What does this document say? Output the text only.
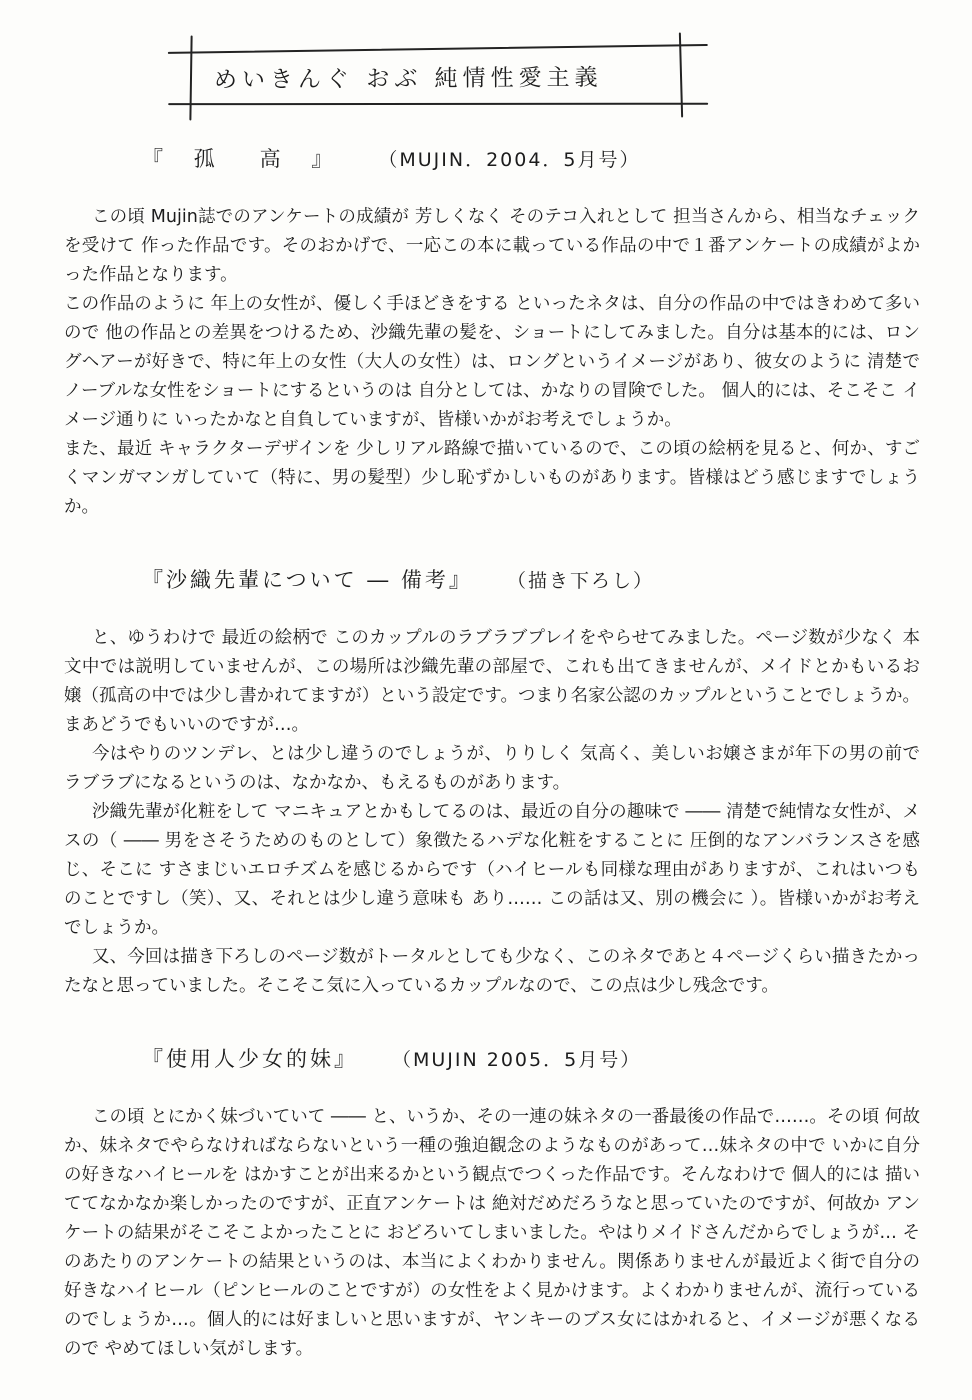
めいきんぐ おぶ 純情性愛主義
『 孤　高 』 （MUJIN．2004．5月号）

この頃 Mujin誌でのアンケートの成績が 芳しくなく そのテコ入れとして 担当さんから、相当なチェックを受けて 作った作品です。そのおかげで、一応この本に載っている作品の中で１番アンケートの成績がよかった作品となります。

この作品のように 年上の女性が、優しく手ほどきをする といったネタは、自分の作品の中ではきわめて多いので 他の作品との差異をつけるため、沙織先輩の髪を、ショートにしてみました。自分は基本的には、ロングヘアーが好きで、特に年上の女性（大人の女性）は、ロングというイメージがあり、彼女のように 清楚でノーブルな女性をショートにするというのは 自分としては、かなりの冒険でした。 個人的には、そこそこ イメージ通りに いったかなと自負していますが、皆様いかがお考えでしょうか。

また、最近 キャラクターデザインを 少しリアル路線で描いているので、この頃の絵柄を見ると、何か、すごくマンガマンガしていて（特に、男の髪型）少し恥ずかしいものがあります。皆様はどう感じますでしょうか。

『沙織先輩について ― 備考』 （描き下ろし）

と、ゆうわけで 最近の絵柄で このカップルのラブラブプレイをやらせてみました。ページ数が少なく 本文中では説明していませんが、この場所は沙織先輩の部屋で、これも出てきませんが、メイドとかもいるお嬢（孤高の中では少し書かれてますが）という設定です。つまり名家公認のカップルということでしょうか。まあどうでもいいのですが…。

今はやりのツンデレ、とは少し違うのでしょうが、りりしく 気高く、美しいお嬢さまが年下の男の前で ラブラブになるというのは、なかなか、もえるものがあります。

沙織先輩が化粧をして マニキュアとかもしてるのは、最近の自分の趣味で ―― 清楚で純情な女性が、メスの（ ―― 男をさそうためのものとして）象徴たるハデな化粧をすることに 圧倒的なアンバランスさを感じ、そこに すさまじいエロチズムを感じるからです（ハイヒールも同様な理由がありますが、これはいつものことですし（笑）、又、それとは少し違う意味も あり…… この話は又、別の機会に ）。皆様いかがお考えでしょうか。

又、今回は描き下ろしのページ数がトータルとしても少なく、このネタであと４ページくらい描きたかったなと思っていました。そこそこ気に入っているカップルなので、この点は少し残念です。

『使用人少女的妹』 （MUJIN 2005．5月号）

この頃 とにかく妹づいていて ―― と、いうか、その一連の妹ネタの一番最後の作品で……。その頃 何故か、妹ネタでやらなければならないという一種の強迫観念のようなものがあって…妹ネタの中で いかに自分の好きなハイヒールを はかすことが出来るかという観点でつくった作品です。そんなわけで 個人的には 描いててなかなか楽しかったのですが、正直アンケートは 絶対だめだろうなと思っていたのですが、何故か アンケートの結果がそこそこよかったことに おどろいてしまいました。やはりメイドさんだからでしょうが… そのあたりのアンケートの結果というのは、本当によくわかりません。関係ありませんが最近よく街で自分の好きなハイヒール（ピンヒールのことですが）の女性をよく見かけます。よくわかりませんが、流行っているのでしょうか…。個人的には好ましいと思いますが、ヤンキーのブス女にはかれると、イメージが悪くなるので やめてほしい気がします。
